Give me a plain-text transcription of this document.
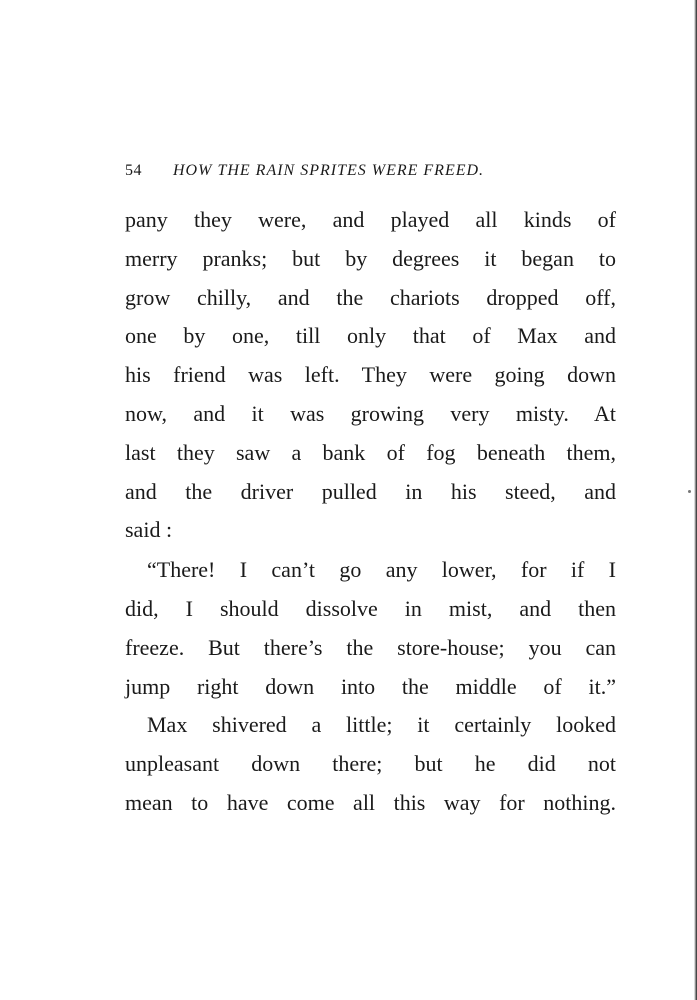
54 HOW THE RAIN SPRITES WERE FREED.
pany they were, and played all kinds of
merry pranks; but by degrees it began to
grow chilly, and the chariots dropped off,
one by one, till only that of Max and
his friend was left. They were going down
now, and it was growing very misty. At
last they saw a bank of fog beneath them,
and the driver pulled in his steed, and
said :
“There! I can’t go any lower, for if I
did, I should dissolve in mist, and then
freeze. But there’s the store-house; you can
jump right down into the middle of it.”
Max shivered a little; it certainly looked
unpleasant down there; but he did not
mean to have come all this way for nothing.
